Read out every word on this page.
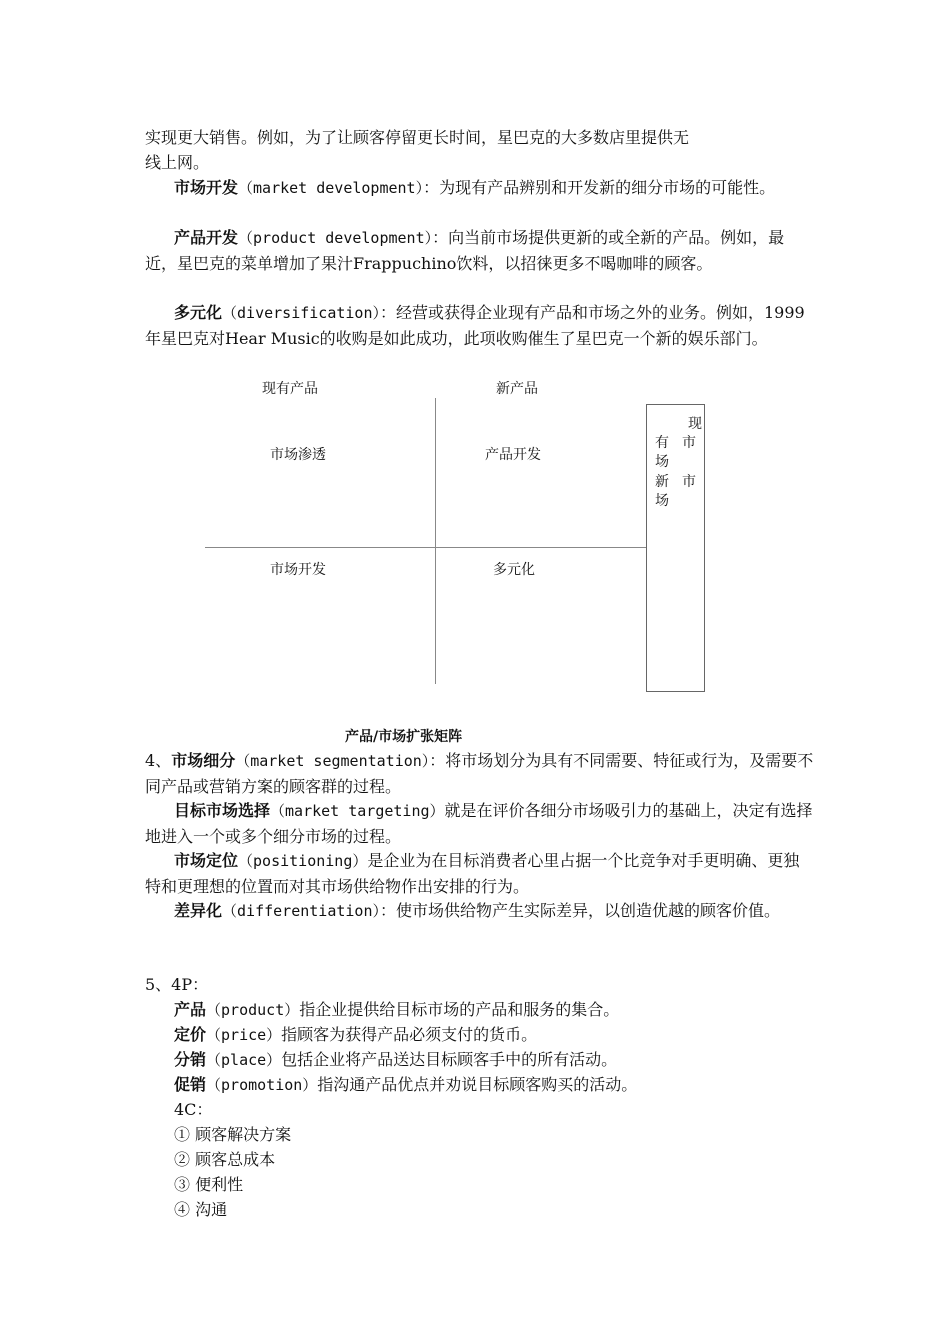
实现更大销售。例如，为了让顾客停留更长时间，星巴克的大多数店里提供无
线上网。
市场开发（market development）：为现有产品辨别和开发新的细分市场的可能性。
产品开发（product development）：向当前市场提供更新的或全新的产品。例如，最近，星巴克的菜单增加了果汁Frappuchino饮料，以招徕更多不喝咖啡的顾客。
多元化（diversification）：经营或获得企业现有产品和市场之外的业务。例如，1999年星巴克对Hear Music的收购是如此成功，此项收购催生了星巴克一个新的娱乐部门。
现有产品	新产品
市场渗透	产品开发
市场开发	多元化
现
有 市
场
新 市
场
产品/市场扩张矩阵
4、市场细分（market segmentation）：将市场划分为具有不同需要、特征或行为，及需要不同产品或营销方案的顾客群的过程。
目标市场选择（market targeting）就是在评价各细分市场吸引力的基础上，决定有选择地进入一个或多个细分市场的过程。
市场定位（positioning）是企业为在目标消费者心里占据一个比竞争对手更明确、更独特和更理想的位置而对其市场供给物作出安排的行为。
差异化（differentiation）：使市场供给物产生实际差异，以创造优越的顾客价值。
5、4P：
产品（product）指企业提供给目标市场的产品和服务的集合。
定价（price）指顾客为获得产品必须支付的货币。
分销（place）包括企业将产品送达目标顾客手中的所有活动。
促销（promotion）指沟通产品优点并劝说目标顾客购买的活动。
4C：
① 顾客解决方案
② 顾客总成本
③ 便利性
④ 沟通
